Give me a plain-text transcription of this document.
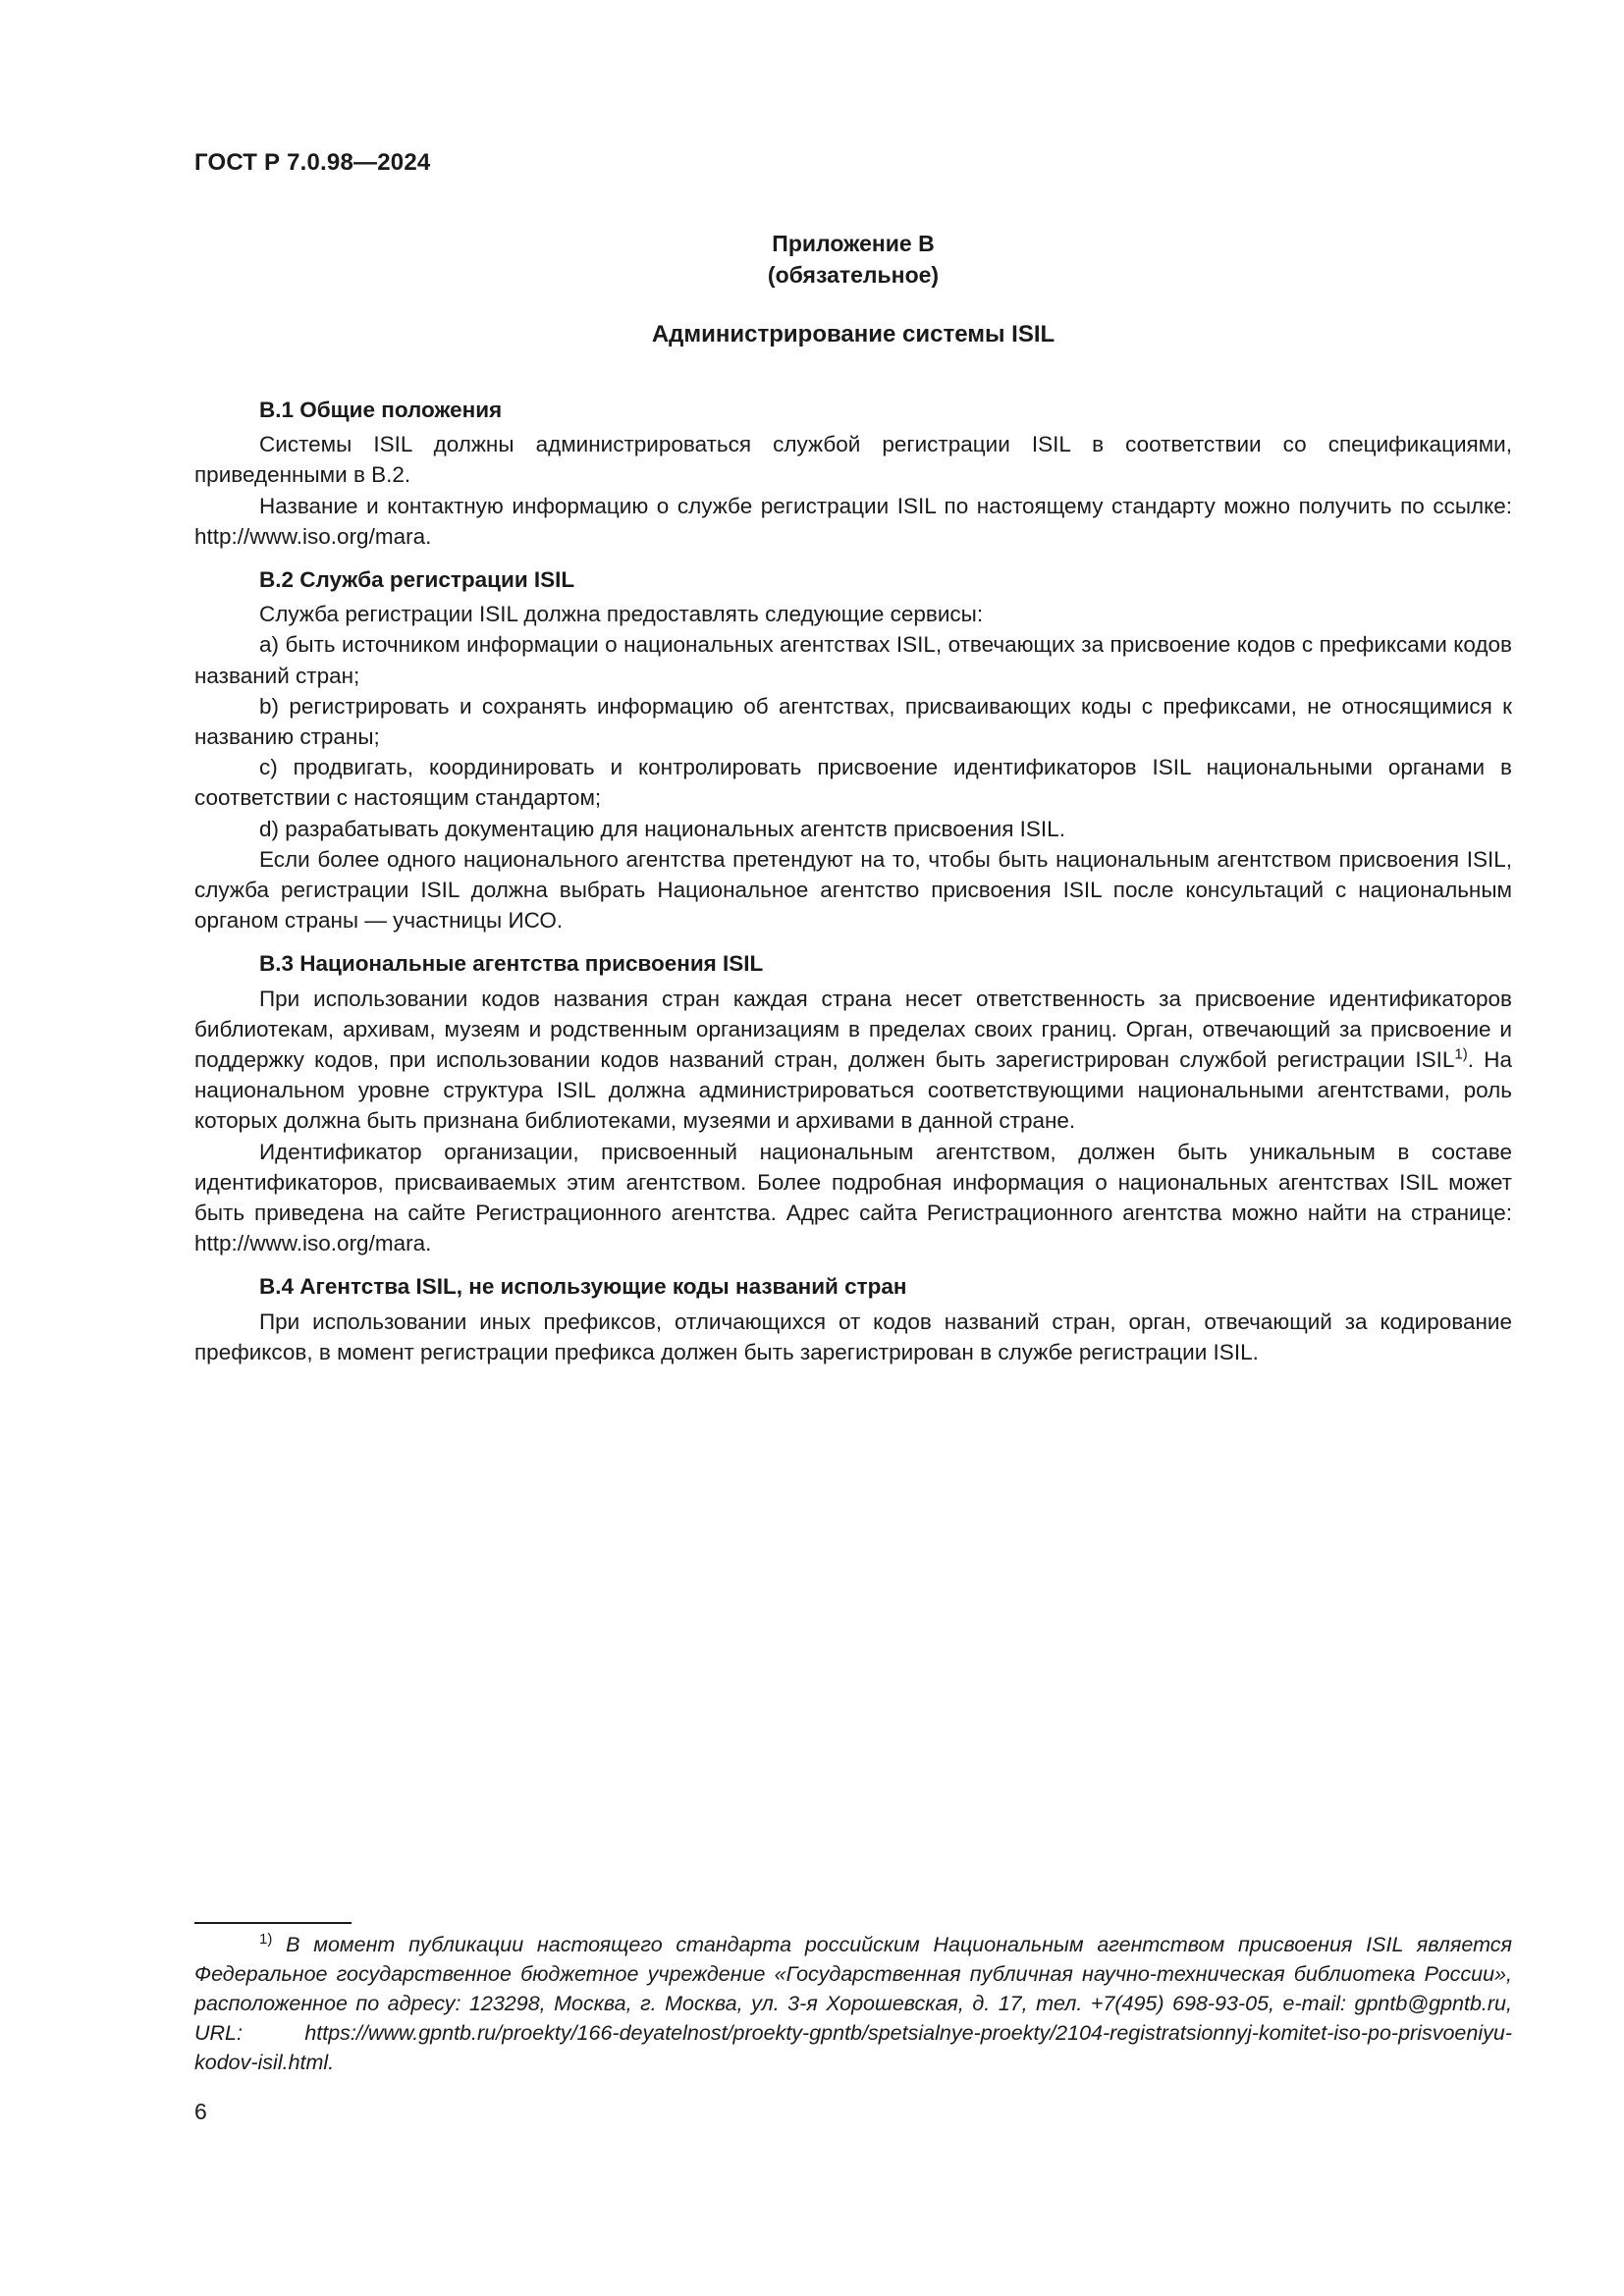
ГОСТ Р 7.0.98—2024
Приложение В
(обязательное)
Администрирование системы ISIL
В.1 Общие положения

Системы ISIL должны администрироваться службой регистрации ISIL в соответствии со спецификациями, приведенными в В.2.

Название и контактную информацию о службе регистрации ISIL по настоящему стандарту можно получить по ссылке: http://www.iso.org/mara.

В.2 Служба регистрации ISIL

Служба регистрации ISIL должна предоставлять следующие сервисы:

a) быть источником информации о национальных агентствах ISIL, отвечающих за присвоение кодов с префиксами кодов названий стран;

b) регистрировать и сохранять информацию об агентствах, присваивающих коды с префиксами, не относящимися к названию страны;

c) продвигать, координировать и контролировать присвоение идентификаторов ISIL национальными органами в соответствии с настоящим стандартом;

d) разрабатывать документацию для национальных агентств присвоения ISIL.

Если более одного национального агентства претендуют на то, чтобы быть национальным агентством присвоения ISIL, служба регистрации ISIL должна выбрать Национальное агентство присвоения ISIL после консультаций с национальным органом страны — участницы ИСО.

В.3 Национальные агентства присвоения ISIL

При использовании кодов названия стран каждая страна несет ответственность за присвоение идентификаторов библиотекам, архивам, музеям и родственным организациям в пределах своих границ. Орган, отвечающий за присвоение и поддержку кодов, при использовании кодов названий стран, должен быть зарегистрирован службой регистрации ISIL$^{1)}$. На национальном уровне структура ISIL должна администрироваться соответствующими национальными агентствами, роль которых должна быть признана библиотеками, музеями и архивами в данной стране.

Идентификатор организации, присвоенный национальным агентством, должен быть уникальным в составе идентификаторов, присваиваемых этим агентством. Более подробная информация о национальных агентствах ISIL может быть приведена на сайте Регистрационного агентства. Адрес сайта Регистрационного агентства можно найти на странице: http://www.iso.org/mara.

В.4 Агентства ISIL, не использующие коды названий стран

При использовании иных префиксов, отличающихся от кодов названий стран, орган, отвечающий за кодирование префиксов, в момент регистрации префикса должен быть зарегистрирован в службе регистрации ISIL.

$^{1)}$ В момент публикации настоящего стандарта российским Национальным агентством присвоения ISIL является Федеральное государственное бюджетное учреждение «Государственная публичная научно-техническая библиотека России», расположенное по адресу: 123298, Москва, г. Москва, ул. 3-я Хорошевская, д. 17, тел. +7(495) 698-93-05, e-mail: gpntb@gpntb.ru, URL: https://www.gpntb.ru/proekty/166-deyatelnost/proekty-gpntb/spetsialnye-proekty/2104-registratsionnyj-komitet-iso-po-prisvoeniyu-kodov-isil.html.

6
